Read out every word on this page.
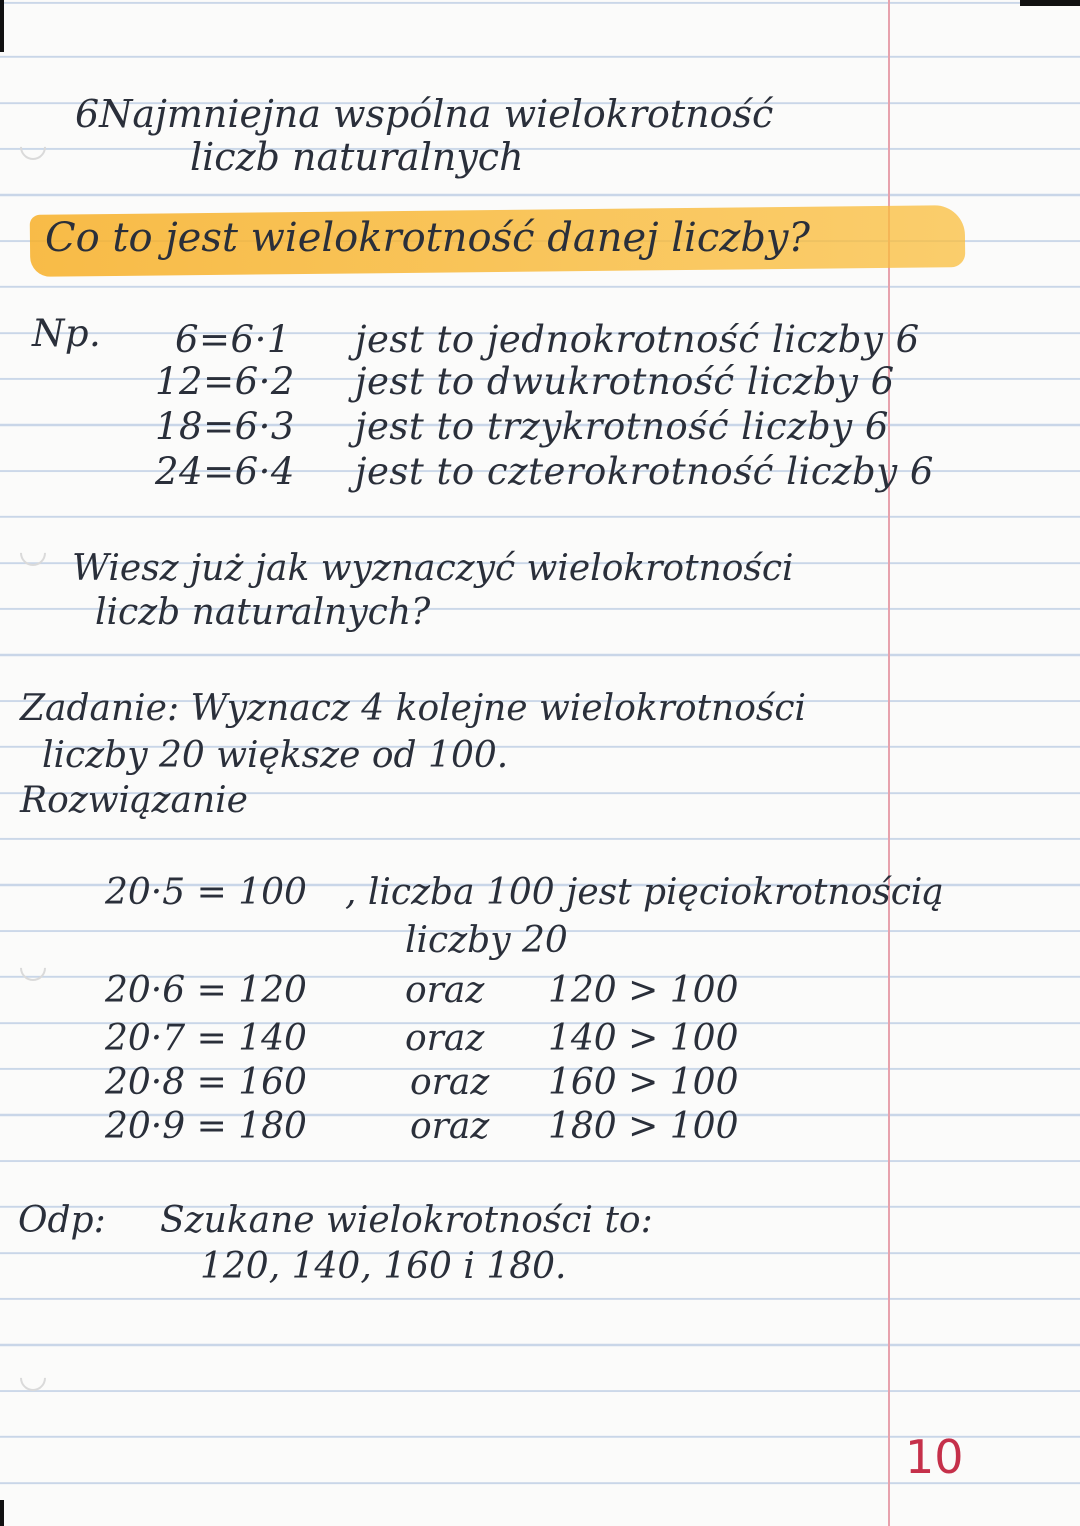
6Najmniejna wspólna wielokrotność
liczb naturalnych
Co to jest wielokrotność danej liczby?
Np. 6=6·1 jest to jednokrotność liczby 6
12=6·2 jest to dwukrotność liczby 6
18=6·3 jest to trzykrotność liczby 6
24=6·4 jest to czterokrotność liczby 6
Wiesz już jak wyznaczyć wielokrotności
liczb naturalnych?
Zadanie: Wyznacz 4 kolejne wielokrotności
liczby 20 większe od 100.
Rozwiązanie
20·5 = 100 , liczba 100 jest pięciokrotnością
liczby 20
20·6 = 120	oraz 120 > 100
20·7 = 140	oraz 140 > 100
20·8 = 160	oraz 160 > 100
20·9 = 180	oraz 180 > 100
Odp: Szukane wielokrotności to:
120, 140, 160 i 180.
10
